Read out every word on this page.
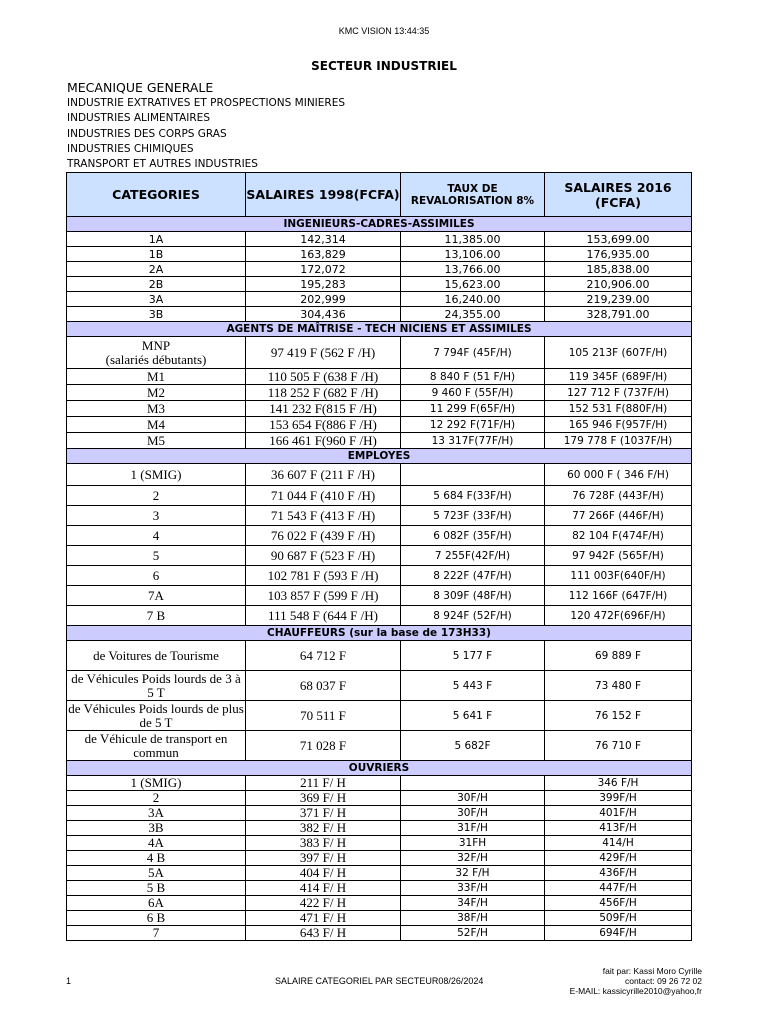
KMC VISION 13:44:35
SECTEUR INDUSTRIEL
MECANIQUE GENERALE
INDUSTRIE EXTRATIVES ET PROSPECTIONS MINIERES
INDUSTRIES ALIMENTAIRES
INDUSTRIES DES CORPS GRAS
INDUSTRIES CHIMIQUES
TRANSPORT ET AUTRES INDUSTRIES
CATEGORIES	SALAIRES 1998(FCFA)	TAUX DE REVALORISATION 8%	SALAIRES 2016 (FCFA)
INGENIEURS-CADRES-ASSIMILES			
1A	142,314	11,385.00	153,699.00
1B	163,829	13,106.00	176,935.00
2A	172,072	13,766.00	185,838.00
2B	195,283	15,623.00	210,906.00
3A	202,999	16,240.00	219,239.00
3B	304,436	24,355.00	328,791.00
AGENTS DE MAÎTRISE - TECH NICIENS ET ASSIMILES			
MNP
(salariés débutants)	97 419 F (562 F /H)	7 794F (45F/H)	105 213F (607F/H)
M1	110 505 F (638 F /H)	8 840 F (51 F/H)	119 345F (689F/H)
M2	118 252 F (682 F /H)	9 460 F (55F/H)	127 712 F (737F/H)
M3	141 232 F(815 F /H)	11 299 F(65F/H)	152 531 F(880F/H)
M4	153 654 F(886 F /H)	12 292 F(71F/H)	165 946 F(957F/H)
M5	166 461 F(960 F /H)	13 317F(77F/H)	179 778 F (1037F/H)
EMPLOYES			
1 (SMIG)	36 607 F (211 F /H)		60 000 F ( 346 F/H)
2	71 044 F (410 F /H)	5 684 F(33F/H)	76 728F (443F/H)
3	71 543 F (413 F /H)	5 723F (33F/H)	77 266F (446F/H)
4	76 022 F (439 F /H)	6 082F (35F/H)	82 104 F(474F/H)
5	90 687 F (523 F /H)	7 255F(42F/H)	97 942F (565F/H)
6	102 781 F (593 F /H)	8 222F (47F/H)	111 003F(640F/H)
7A	103 857 F (599 F /H)	8 309F (48F/H)	112 166F (647F/H)
7 B	111 548 F (644 F /H)	8 924F (52F/H)	120 472F(696F/H)
CHAUFFEURS (sur la base de 173H33)			
de Voitures de Tourisme	64 712 F	5 177 F	69 889 F
de Véhicules Poids lourds de 3 à 5 T	68 037 F	5 443 F	73 480 F
de Véhicules Poids lourds de plus de 5 T	70 511 F	5 641 F	76 152 F
de Véhicule de transport en commun	71 028 F	5 682F	76 710 F
OUVRIERS			
1 (SMIG)	211 F/ H		346 F/H
2	369 F/ H	30F/H	399F/H
3A	371 F/ H	30F/H	401F/H
3B	382 F/ H	31F/H	413F/H
4A	383 F/ H	31FH	414/H
4 B	397 F/ H	32F/H	429F/H
5A	404 F/ H	32 F/H	436F/H
5 B	414 F/ H	33F/H	447F/H
6A	422 F/ H	34F/H	456F/H
6 B	471 F/ H	38F/H	509F/H
7	643 F/ H	52F/H	694F/H
1	SALAIRE CATEGORIEL PAR SECTEUR08/26/2024
fait par: Kassi Moro Cyrille
contact: 09 26 72 02
E-MAIL: kassicyrille2010@yahoo,fr
